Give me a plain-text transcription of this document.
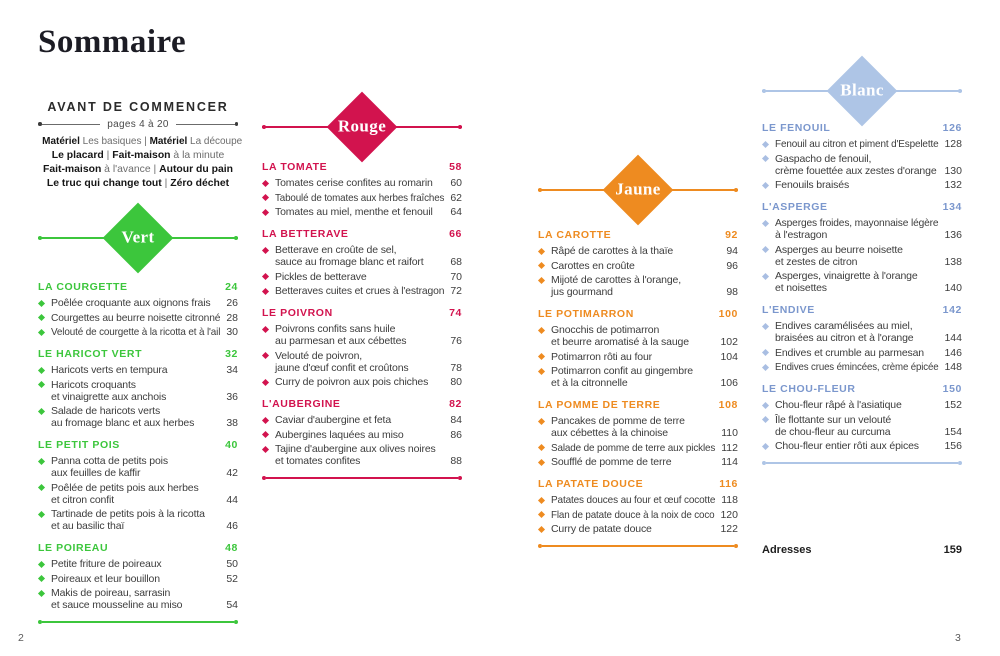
Sommaire
AVANT DE COMMENCER
pages 4 à 20
Matériel Les basiques | Matériel La découpe
Le placard | Fait-maison à la minute
Fait-maison à l'avance | Autour du pain
Le truc qui change tout | Zéro déchet
Vert
LA COURGETTE	24
Poêlée croquante aux oignons frais	26
Courgettes au beurre noisette citronné 28
Velouté de courgette à la ricotta et à l'ail 30
LE HARICOT VERT	32
Haricots verts en tempura	34
Haricots croquants
et vinaigrette aux anchois	36
Salade de haricots verts
au fromage blanc et aux herbes	38
LE PETIT POIS	40
Panna cotta de petits pois
aux feuilles de kaffir	42
Poêlée de petits pois aux herbes
et citron confit	44
Tartinade de petits pois à la ricotta
et au basilic thaï	46
LE POIREAU	48
Petite friture de poireaux	50
Poireaux et leur bouillon	52
Makis de poireau, sarrasin
et sauce mousseline au miso	54
Rouge
LA TOMATE	58
Tomates cerise confites au romarin	60
Taboulé de tomates aux herbes fraîches 62
Tomates au miel, menthe et fenouil	64
LA BETTERAVE	66
Betterave en croûte de sel,
sauce au fromage blanc et raifort	68
Pickles de betterave	70
Betteraves cuites et crues à l'estragon 72
LE POIVRON	74
Poivrons confits sans huile
au parmesan et aux cébettes	76
Velouté de poivron,
jaune d'œuf confit et croûtons	78
Curry de poivron aux pois chiches	80
L'AUBERGINE	82
Caviar d'aubergine et feta	84
Aubergines laquées au miso	86
Tajine d'aubergine aux olives noires
et tomates confites	88
Jaune
LA CAROTTE	92
Râpé de carottes à la thaïe	94
Carottes en croûte	96
Mijoté de carottes à l'orange,
jus gourmand	98
LE POTIMARRON	100
Gnocchis de potimarron
et beurre aromatisé à la sauge	102
Potimarron rôti au four	104
Potimarron confit au gingembre
et à la citronnelle	106
LA POMME DE TERRE	108
Pancakes de pomme de terre
aux cébettes à la chinoise	110
Salade de pomme de terre aux pickles 112
Soufflé de pomme de terre	114
LA PATATE DOUCE	116
Patates douces au four et œuf cocotte 118
Flan de patate douce à la noix de coco 120
Curry de patate douce	122
Blanc
LE FENOUIL	126
Fenouil au citron et piment d'Espelette 128
Gaspacho de fenouil,
crème fouettée aux zestes d'orange 130
Fenouils braisés	132
L'ASPERGE	134
Asperges froides, mayonnaise légère
à l'estragon	136
Asperges au beurre noisette
et zestes de citron	138
Asperges, vinaigrette à l'orange
et noisettes	140
L'ENDIVE	142
Endives caramélisées au miel,
braisées au citron et à l'orange	144
Endives et crumble au parmesan	146
Endives crues émincées, crème épicée 148
LE CHOU-FLEUR	150
Chou-fleur râpé à l'asiatique	152
Île flottante sur un velouté
de chou-fleur au curcuma	154
Chou-fleur entier rôti aux épices	156
Adresses	159
2	3
